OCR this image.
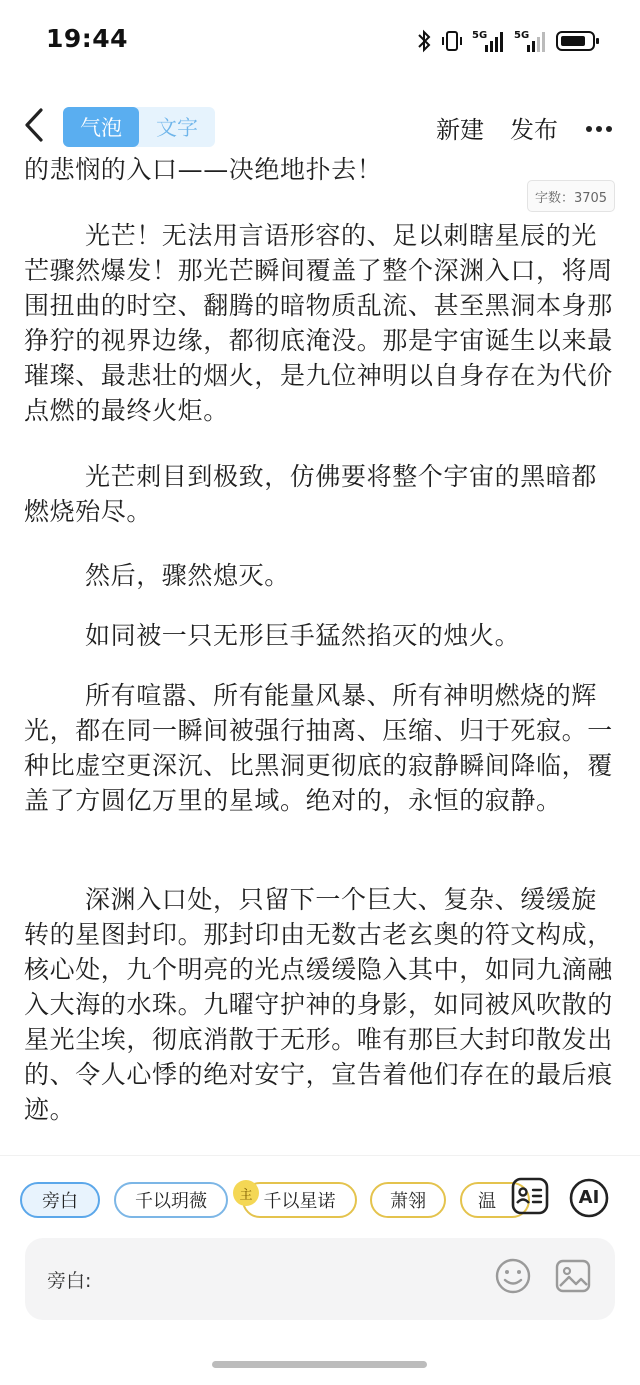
19:44	5G	5G
气泡	文字	新建 发布
的悲悯的入口——决绝地扑去！
字数：3705

光芒！无法用言语形容的、足以刺瞎星辰的光芒骤然爆发！那光芒瞬间覆盖了整个深渊入口，将周围扭曲的时空、翻腾的暗物质乱流、甚至黑洞本身那狰狞的视界边缘，都彻底淹没。那是宇宙诞生以来最璀璨、最悲壮的烟火，是九位神明以自身存在为代价点燃的最终火炬。

光芒刺目到极致，仿佛要将整个宇宙的黑暗都燃烧殆尽。

然后，骤然熄灭。

如同被一只无形巨手猛然掐灭的烛火。

所有喧嚣、所有能量风暴、所有神明燃烧的辉光，都在同一瞬间被强行抽离、压缩、归于死寂。一种比虚空更深沉、比黑洞更彻底的寂静瞬间降临，覆盖了方圆亿万里的星域。绝对的，永恒的寂静。

深渊入口处，只留下一个巨大、复杂、缓缓旋转的星图封印。那封印由无数古老玄奥的符文构成，核心处，九个明亮的光点缓缓隐入其中，如同九滴融入大海的水珠。九曜守护神的身影，如同被风吹散的星光尘埃，彻底消散于无形。唯有那巨大封印散发出的、令人心悸的绝对安宁，宣告着他们存在的最后痕迹。

旁白	千以玥薇	千以星诺
主	萧翎	温	AI
旁白:
